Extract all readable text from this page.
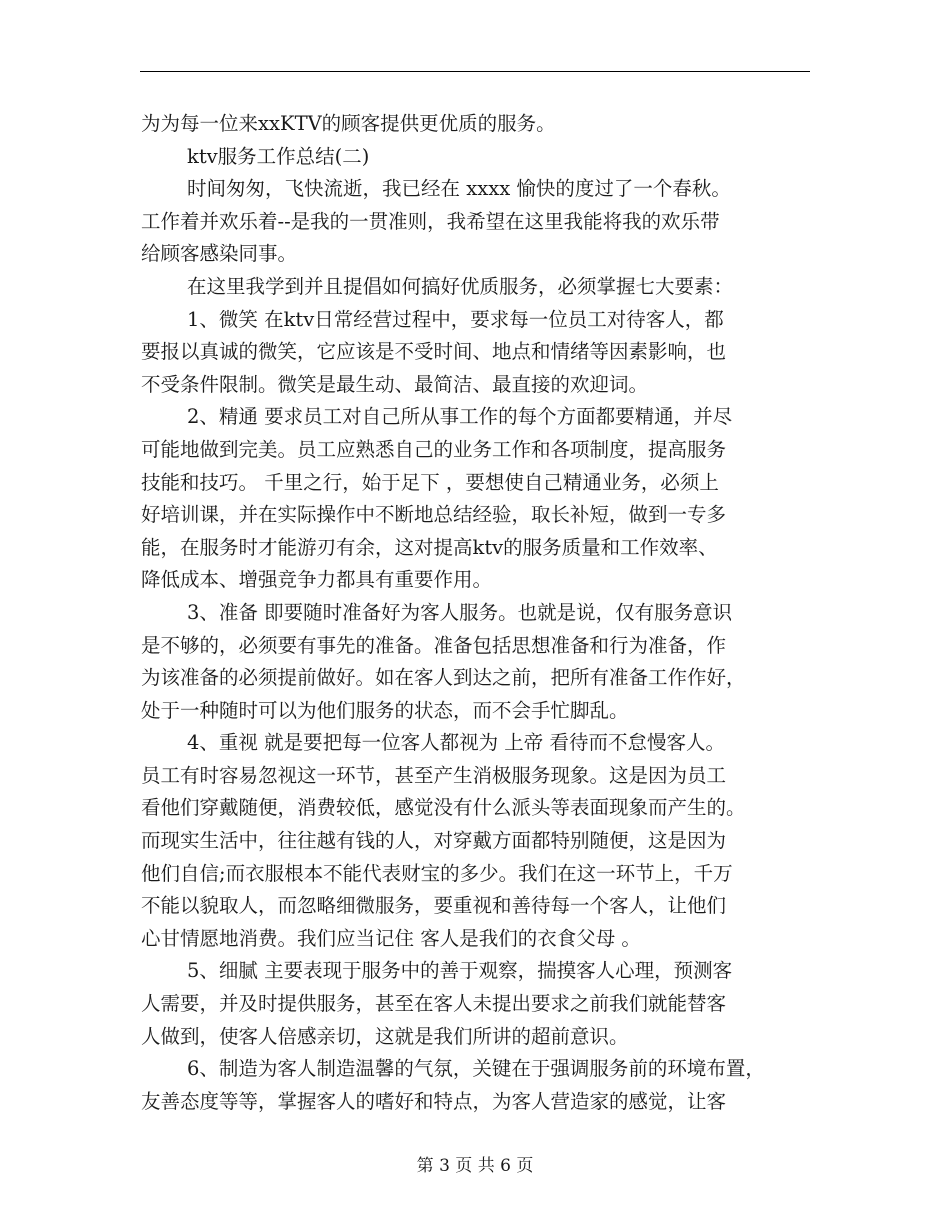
为为每一位来xxKTV的顾客提供更优质的服务。
ktv服务工作总结(二)
时间匆匆，飞快流逝，我已经在 xxxx 愉快的度过了一个春秋。
工作着并欢乐着--是我的一贯准则，我希望在这里我能将我的欢乐带
给顾客感染同事。
在这里我学到并且提倡如何搞好优质服务，必须掌握七大要素：
1、微笑 在ktv日常经营过程中，要求每一位员工对待客人，都
要报以真诚的微笑，它应该是不受时间、地点和情绪等因素影响，也
不受条件限制。微笑是最生动、最简洁、最直接的欢迎词。
2、精通 要求员工对自己所从事工作的每个方面都要精通，并尽
可能地做到完美。员工应熟悉自己的业务工作和各项制度，提高服务
技能和技巧。 千里之行，始于足下 ，要想使自己精通业务，必须上
好培训课，并在实际操作中不断地总结经验，取长补短，做到一专多
能，在服务时才能游刃有余，这对提高ktv的服务质量和工作效率、
降低成本、增强竞争力都具有重要作用。
3、准备 即要随时准备好为客人服务。也就是说，仅有服务意识
是不够的，必须要有事先的准备。准备包括思想准备和行为准备，作
为该准备的必须提前做好。如在客人到达之前，把所有准备工作作好，
处于一种随时可以为他们服务的状态，而不会手忙脚乱。
4、重视 就是要把每一位客人都视为 上帝 看待而不怠慢客人。
员工有时容易忽视这一环节，甚至产生消极服务现象。这是因为员工
看他们穿戴随便，消费较低，感觉没有什么派头等表面现象而产生的。
而现实生活中，往往越有钱的人，对穿戴方面都特别随便，这是因为
他们自信;而衣服根本不能代表财宝的多少。我们在这一环节上，千万
不能以貌取人，而忽略细微服务，要重视和善待每一个客人，让他们
心甘情愿地消费。我们应当记住 客人是我们的衣食父母 。
5、细腻 主要表现于服务中的善于观察，揣摸客人心理，预测客
人需要，并及时提供服务，甚至在客人未提出要求之前我们就能替客
人做到，使客人倍感亲切，这就是我们所讲的超前意识。
6、制造为客人制造温馨的气氛，关键在于强调服务前的环境布置，
友善态度等等，掌握客人的嗜好和特点，为客人营造家的感觉，让客
第 3 页 共 6 页
